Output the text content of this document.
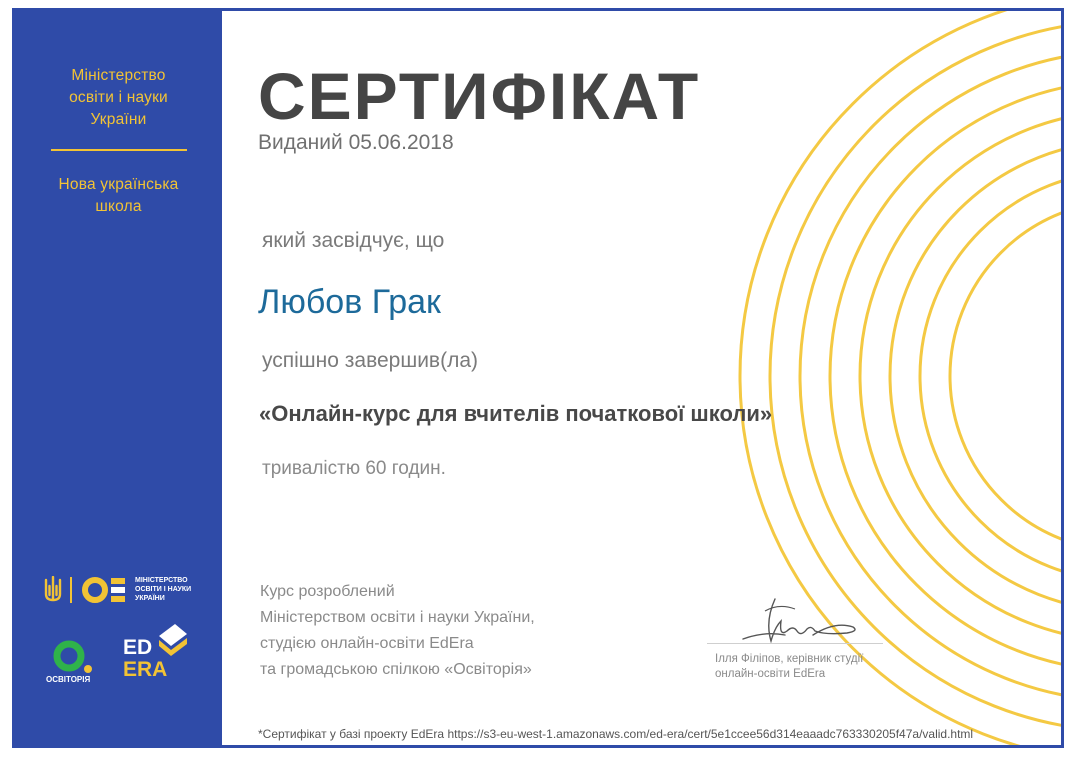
Міністерство
освіти і науки
України
Нова українська
школа
МІНІСТЕРСТВО
ОСВІТИ І НАУКИ
УКРАЇНИ
ОСВІТОРІЯ
ED
ERA
СЕРТИФІКАТ
Виданий 05.06.2018
який засвідчує, що
Любов Грак
успішно завершив(ла)
«Онлайн-курс для вчителів початкової школи»
тривалістю 60 годин.
Курс розроблений
Міністерством освіти і науки України,
студією онлайн-освіти EdEra
та громадською спілкою «Освіторія»
Ілля Філіпов, керівник студії
онлайн-освіти EdEra
*Сертифікат у базі проекту EdEra https://s3-eu-west-1.amazonaws.com/ed-era/cert/5e1ccee56d314eaaadc763330205f47a/valid.html
